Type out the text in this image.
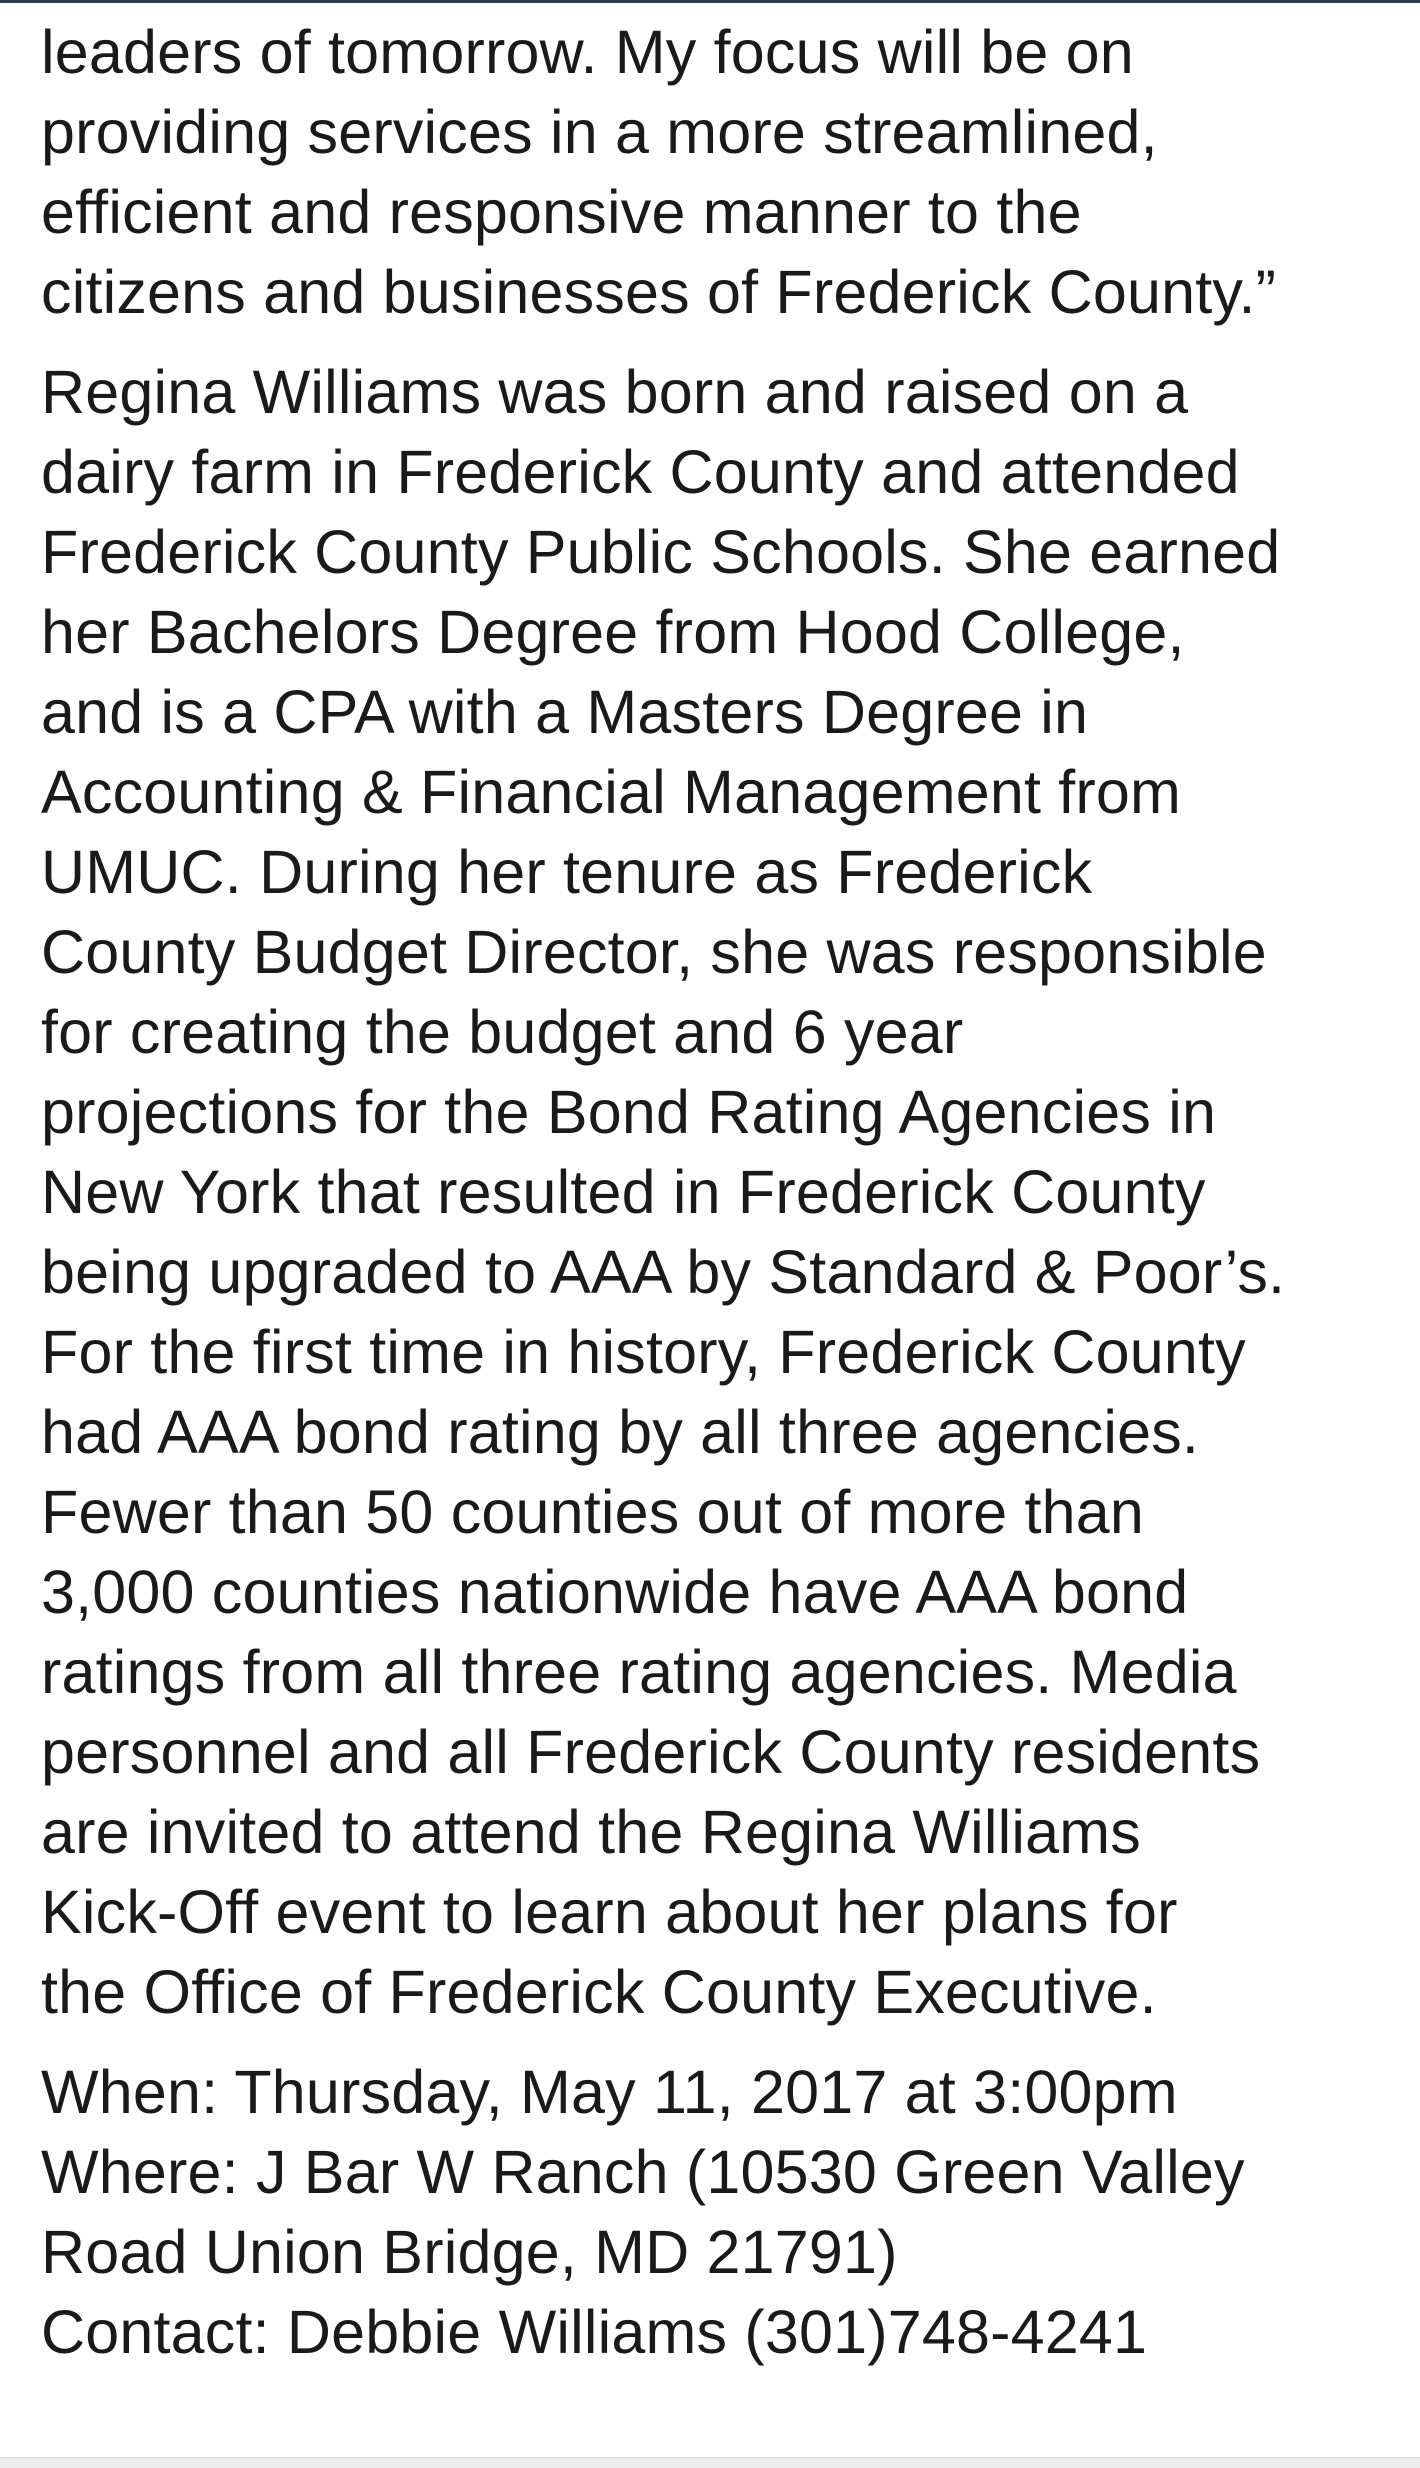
leaders of tomorrow. My focus will be on
providing services in a more streamlined,
efficient and responsive manner to the
citizens and businesses of Frederick County.”

Regina Williams was born and raised on a
dairy farm in Frederick County and attended
Frederick County Public Schools. She earned
her Bachelors Degree from Hood College,
and is a CPA with a Masters Degree in
Accounting & Financial Management from
UMUC. During her tenure as Frederick
County Budget Director, she was responsible
for creating the budget and 6 year
projections for the Bond Rating Agencies in
New York that resulted in Frederick County
being upgraded to AAA by Standard & Poor’s.
For the first time in history, Frederick County
had AAA bond rating by all three agencies.
Fewer than 50 counties out of more than
3,000 counties nationwide have AAA bond
ratings from all three rating agencies. Media
personnel and all Frederick County residents
are invited to attend the Regina Williams
Kick-Off event to learn about her plans for
the Office of Frederick County Executive.

When: Thursday, May 11, 2017 at 3:00pm
Where: J Bar W Ranch (10530 Green Valley
Road Union Bridge, MD 21791)
Contact: Debbie Williams (301)748-4241
